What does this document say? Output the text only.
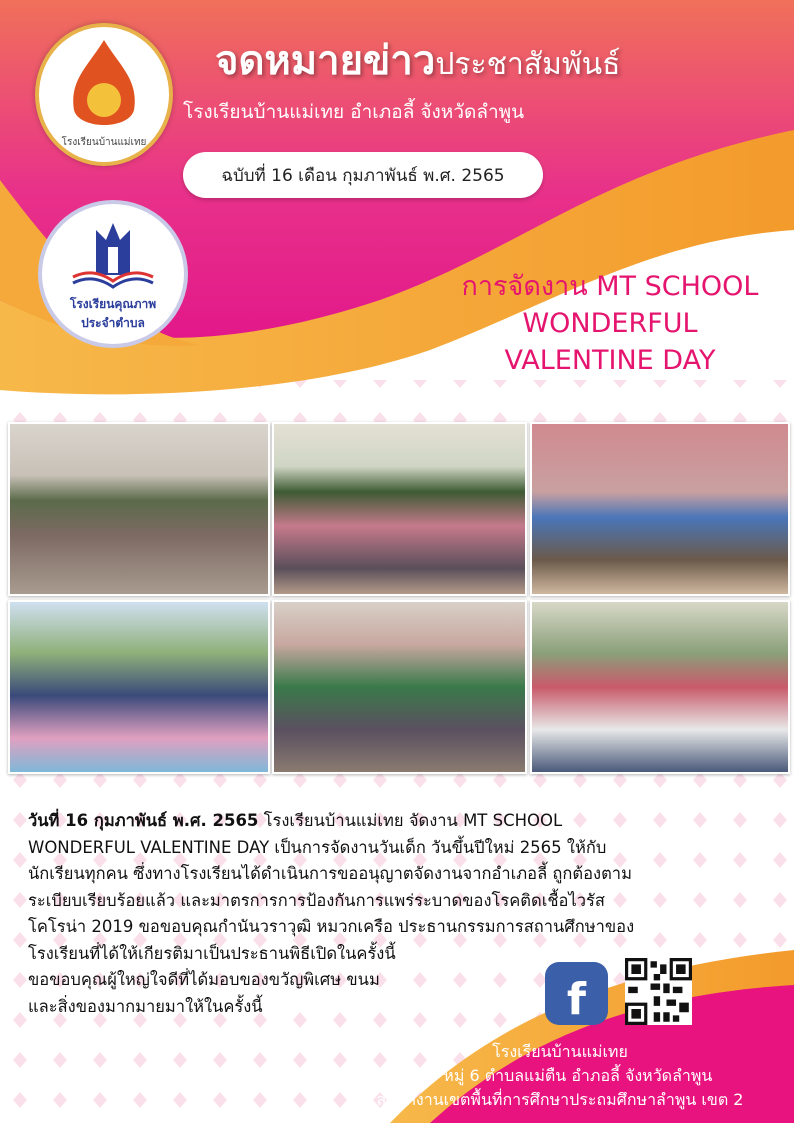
โรงเรียนบ้านแม่เทย
โรงเรียนคุณภาพ
ประจำตำบล
จดหมายข่าวประชาสัมพันธ์
โรงเรียนบ้านแม่เทย อำเภอลี้ จังหวัดลำพูน
ฉบับที่ 16 เดือน กุมภาพันธ์ พ.ศ. 2565
การจัดงาน MT SCHOOL
WONDERFUL
VALENTINE DAY
วันที่ 16 กุมภาพันธ์ พ.ศ. 2565 โรงเรียนบ้านแม่เทย จัดงาน MT SCHOOL
WONDERFUL VALENTINE DAY เป็นการจัดงานวันเด็ก วันขึ้นปีใหม่ 2565 ให้กับ
นักเรียนทุกคน ซึ่งทางโรงเรียนได้ดำเนินการขออนุญาตจัดงานจากอำเภอลี้ ถูกต้องตาม
ระเบียบเรียบร้อยแล้ว และมาตรการการป้องกันการแพร่ระบาดของโรคติดเชื้อไวรัส
โคโรน่า 2019 ขอขอบคุณกำนันวราวุฒิ หมวกเครือ ประธานกรรมการสถานศึกษาของ
โรงเรียนที่ได้ให้เกียรติมาเป็นประธานพิธีเปิดในครั้งนี้
ขอขอบคุณผู้ใหญ่ใจดีที่ได้มอบของขวัญพิเศษ ขนม
และสิ่งของมากมายมาให้ในครั้งนี้	f
โรงเรียนบ้านแม่เทย
389 หมู่ 6 ตำบลแม่ตืน อำภอลี้ จังหวัดลำพูน
สำนักงานเขตพื้นที่การศึกษาประถมศึกษาลำพูน เขต 2
